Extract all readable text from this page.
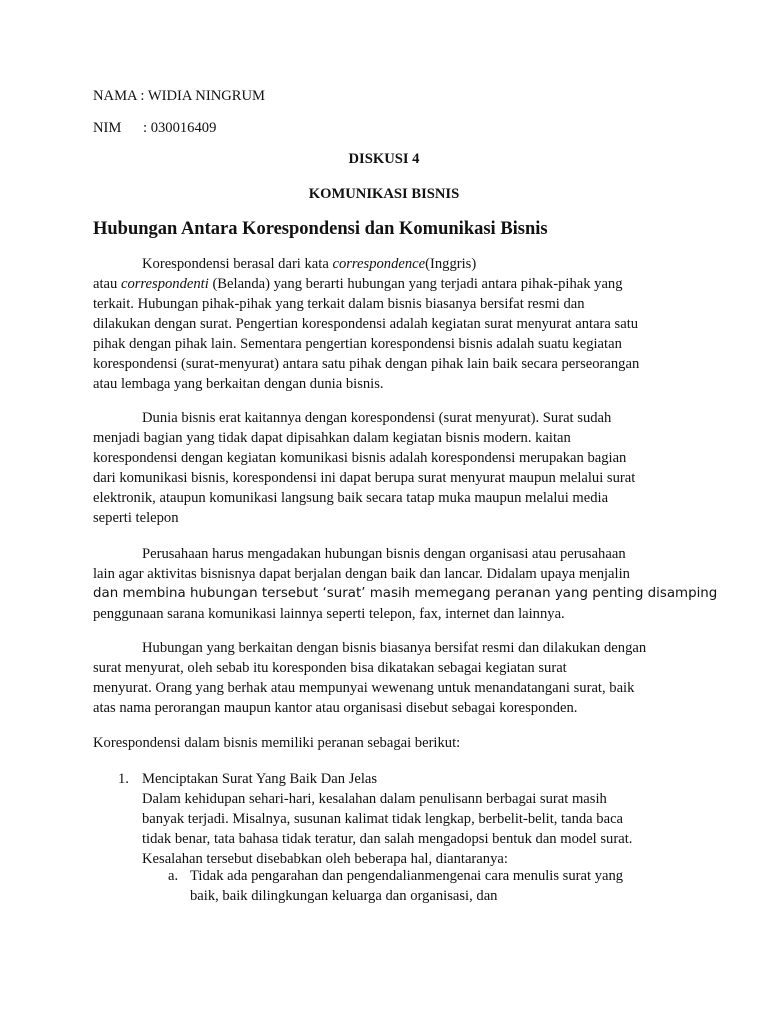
NAMA : WIDIA NINGRUM
NIM : 030016409
DISKUSI 4
KOMUNIKASI BISNIS
Hubungan Antara Korespondensi dan Komunikasi Bisnis
Korespondensi berasal dari kata correspondence(Inggris)
atau correspondenti (Belanda) yang berarti hubungan yang terjadi antara pihak-pihak yang
terkait. Hubungan pihak-pihak yang terkait dalam bisnis biasanya bersifat resmi dan
dilakukan dengan surat. Pengertian korespondensi adalah kegiatan surat menyurat antara satu
pihak dengan pihak lain. Sementara pengertian korespondensi bisnis adalah suatu kegiatan
korespondensi (surat-menyurat) antara satu pihak dengan pihak lain baik secara perseorangan
atau lembaga yang berkaitan dengan dunia bisnis.
Dunia bisnis erat kaitannya dengan korespondensi (surat menyurat). Surat sudah
menjadi bagian yang tidak dapat dipisahkan dalam kegiatan bisnis modern. kaitan
korespondensi dengan kegiatan komunikasi bisnis adalah korespondensi merupakan bagian
dari komunikasi bisnis, korespondensi ini dapat berupa surat menyurat maupun melalui surat
elektronik, ataupun komunikasi langsung baik secara tatap muka maupun melalui media
seperti telepon
Perusahaan harus mengadakan hubungan bisnis dengan organisasi atau perusahaan
lain agar aktivitas bisnisnya dapat berjalan dengan baik dan lancar. Didalam upaya menjalin
dan membina hubungan tersebut ‘surat’ masih memegang peranan yang penting disamping
penggunaan sarana komunikasi lainnya seperti telepon, fax, internet dan lainnya.
Hubungan yang berkaitan dengan bisnis biasanya bersifat resmi dan dilakukan dengan
surat menyurat, oleh sebab itu koresponden bisa dikatakan sebagai kegiatan surat
menyurat. Orang yang berhak atau mempunyai wewenang untuk menandatangani surat, baik
atas nama perorangan maupun kantor atau organisasi disebut sebagai koresponden.
Korespondensi dalam bisnis memiliki peranan sebagai berikut:
1. Menciptakan Surat Yang Baik Dan Jelas
Dalam kehidupan sehari-hari, kesalahan dalam penulisann berbagai surat masih
banyak terjadi. Misalnya, susunan kalimat tidak lengkap, berbelit-belit, tanda baca
tidak benar, tata bahasa tidak teratur, dan salah mengadopsi bentuk dan model surat.
Kesalahan tersebut disebabkan oleh beberapa hal, diantaranya:
a. Tidak ada pengarahan dan pengendalianmengenai cara menulis surat yang
baik, baik dilingkungan keluarga dan organisasi, dan
